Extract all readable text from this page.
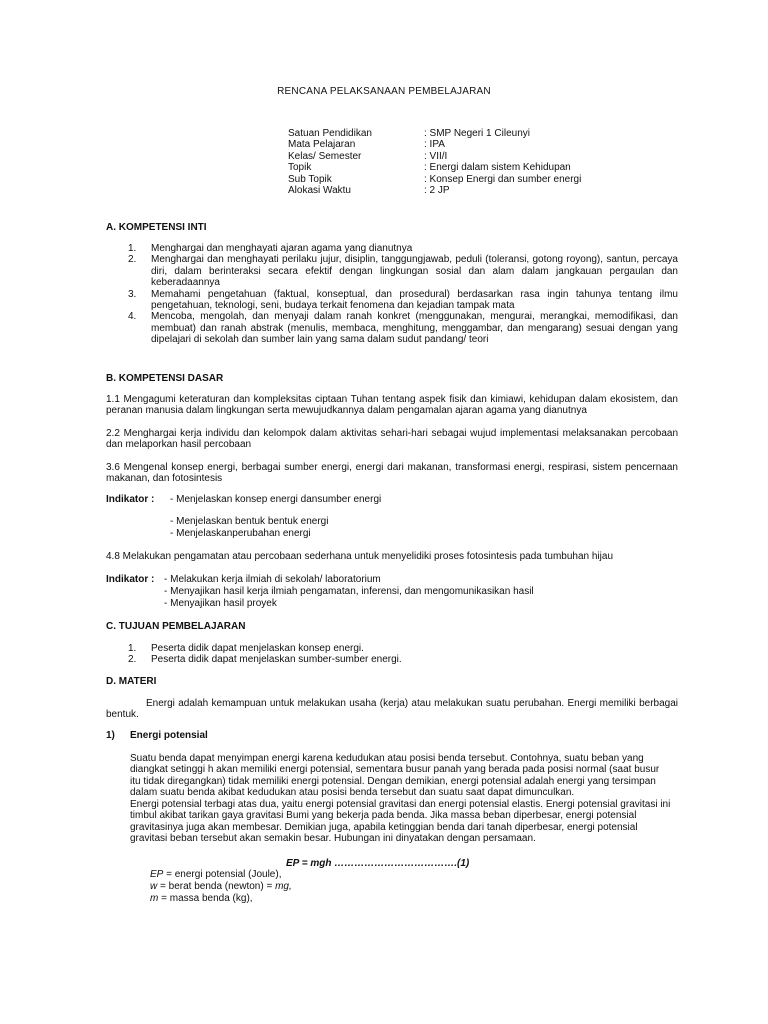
RENCANA PELAKSANAAN PEMBELAJARAN
Satuan Pendidikan	: SMP Negeri 1 Cileunyi
Mata Pelajaran	: IPA
Kelas/ Semester	: VII/I
Topik	: Energi dalam sistem Kehidupan
Sub Topik	: Konsep Energi dan sumber energi
Alokasi Waktu	: 2 JP
A. KOMPETENSI INTI
1.	Menghargai dan menghayati ajaran agama yang dianutnya
2.	Menghargai dan menghayati perilaku jujur, disiplin, tanggungjawab, peduli (toleransi, gotong royong), santun, percaya diri, dalam berinteraksi secara efektif dengan lingkungan sosial dan alam dalam jangkauan pergaulan dan keberadaannya
3.	Memahami pengetahuan (faktual, konseptual, dan prosedural) berdasarkan rasa ingin tahunya tentang ilmu pengetahuan, teknologi, seni, budaya terkait fenomena dan kejadian tampak mata
4.	Mencoba, mengolah, dan menyaji dalam ranah konkret (menggunakan, mengurai, merangkai, memodifikasi, dan membuat) dan ranah abstrak (menulis, membaca, menghitung, menggambar, dan mengarang) sesuai dengan yang dipelajari di sekolah dan sumber lain yang sama dalam sudut pandang/ teori
B. KOMPETENSI DASAR
1.1 Mengagumi keteraturan dan kompleksitas ciptaan Tuhan tentang aspek fisik dan kimiawi, kehidupan dalam ekosistem, dan peranan manusia dalam lingkungan serta mewujudkannya dalam pengamalan ajaran agama yang dianutnya
2.2 Menghargai kerja individu dan kelompok dalam aktivitas sehari-hari sebagai wujud implementasi melaksanakan percobaan dan melaporkan hasil percobaan
3.6 Mengenal konsep energi, berbagai sumber energi, energi dari makanan, transformasi energi, respirasi, sistem pencernaan makanan, dan fotosintesis
Indikator :	- Menjelaskan konsep energi dansumber energi
- Menjelaskan bentuk bentuk energi
- Menjelaskanperubahan energi
4.8 Melakukan pengamatan atau percobaan sederhana untuk menyelidiki proses fotosintesis pada tumbuhan hijau
Indikator : - Melakukan kerja ilmiah di sekolah/ laboratorium
- Menyajikan hasil kerja ilmiah pengamatan, inferensi, dan mengomunikasikan hasil
- Menyajikan hasil proyek
C. TUJUAN PEMBELAJARAN
1.	Peserta didik dapat menjelaskan konsep energi.
2.	Peserta didik dapat menjelaskan sumber-sumber energi.
D. MATERI
Energi adalah kemampuan untuk melakukan usaha (kerja) atau melakukan suatu perubahan. Energi memiliki berbagai bentuk.
1) Energi potensial
Suatu benda dapat menyimpan energi karena kedudukan atau posisi benda tersebut. Contohnya, suatu beban yang diangkat setinggi h akan memiliki energi potensial, sementara busur panah yang berada pada posisi normal (saat busur itu tidak diregangkan) tidak memiliki energi potensial. Dengan demikian, energi potensial adalah energi yang tersimpan dalam suatu benda akibat kedudukan atau posisi benda tersebut dan suatu saat dapat dimunculkan.
Energi potensial terbagi atas dua, yaitu energi potensial gravitasi dan energi potensial elastis. Energi potensial gravitasi ini timbul akibat tarikan gaya gravitasi Bumi yang bekerja pada benda. Jika massa beban diperbesar, energi potensial gravitasinya juga akan membesar. Demikian juga, apabila ketinggian benda dari tanah diperbesar, energi potensial gravitasi beban tersebut akan semakin besar. Hubungan ini dinyatakan dengan persamaan.
EP = mgh ……………………………….(1)
EP = energi potensial (Joule),
w = berat benda (newton) = mg,
m = massa benda (kg),
